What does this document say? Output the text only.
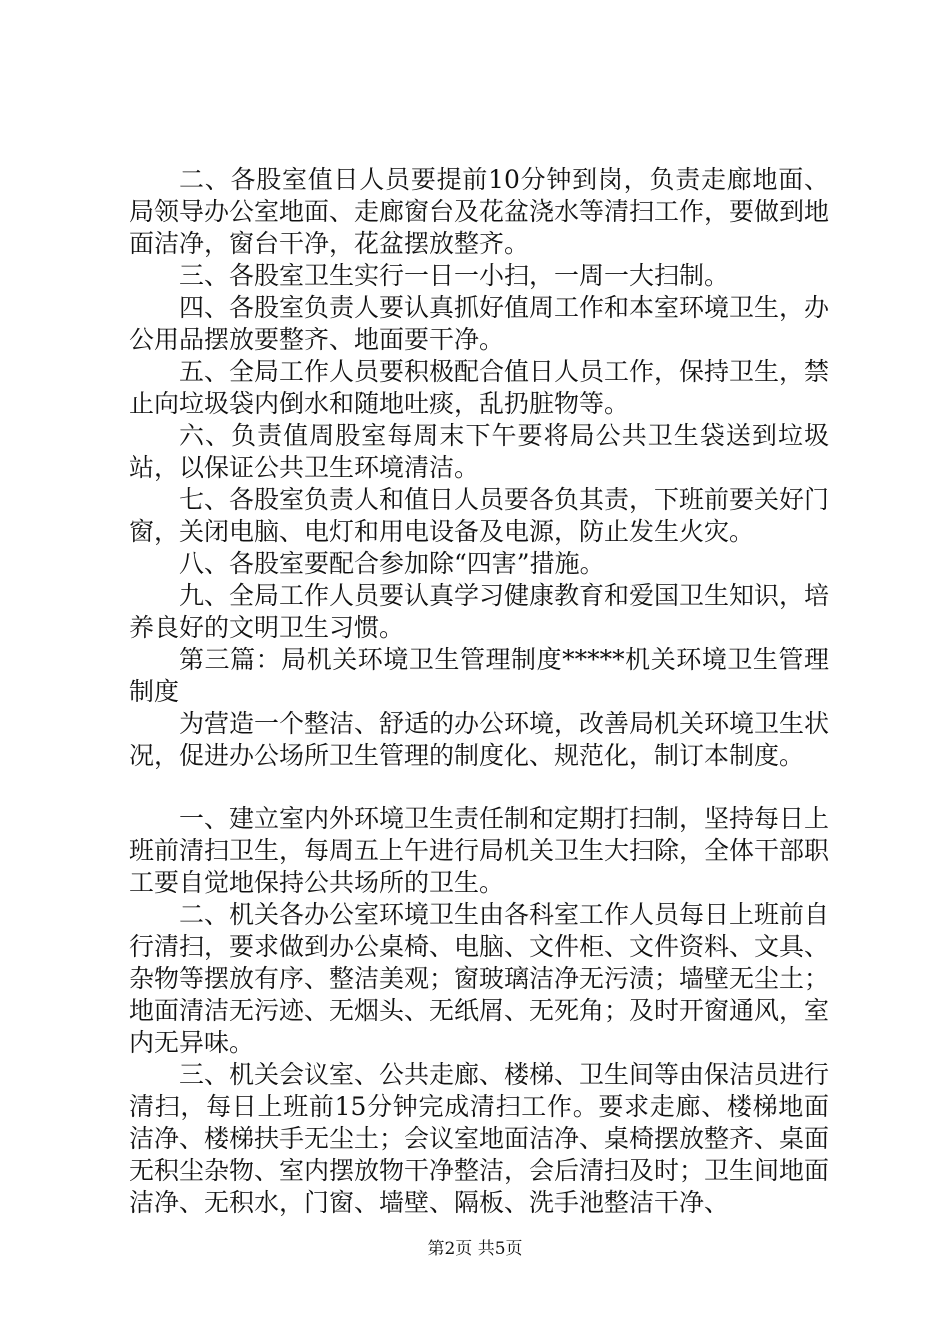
二、各股室值日人员要提前10分钟到岗，负责走廊地面、局领导办公室地面、走廊窗台及花盆浇水等清扫工作，要做到地面洁净，窗台干净，花盆摆放整齐。

三、各股室卫生实行一日一小扫，一周一大扫制。

四、各股室负责人要认真抓好值周工作和本室环境卫生，办公用品摆放要整齐、地面要干净。

五、全局工作人员要积极配合值日人员工作，保持卫生，禁止向垃圾袋内倒水和随地吐痰，乱扔脏物等。

六、负责值周股室每周末下午要将局公共卫生袋送到垃圾站，以保证公共卫生环境清洁。

七、各股室负责人和值日人员要各负其责，下班前要关好门窗，关闭电脑、电灯和用电设备及电源，防止发生火灾。

八、各股室要配合参加除“四害”措施。

九、全局工作人员要认真学习健康教育和爱国卫生知识，培养良好的文明卫生习惯。

第三篇：局机关环境卫生管理制度*****机关环境卫生管理制度

为营造一个整洁、舒适的办公环境，改善局机关环境卫生状况，促进办公场所卫生管理的制度化、规范化，制订本制度。

一、建立室内外环境卫生责任制和定期打扫制，坚持每日上班前清扫卫生，每周五上午进行局机关卫生大扫除，全体干部职工要自觉地保持公共场所的卫生。

二、机关各办公室环境卫生由各科室工作人员每日上班前自行清扫，要求做到办公桌椅、电脑、文件柜、文件资料、文具、杂物等摆放有序、整洁美观；窗玻璃洁净无污渍；墙壁无尘土；地面清洁无污迹、无烟头、无纸屑、无死角；及时开窗通风，室内无异味。

三、机关会议室、公共走廊、楼梯、卫生间等由保洁员进行清扫，每日上班前15分钟完成清扫工作。要求走廊、楼梯地面洁净、楼梯扶手无尘土；会议室地面洁净、桌椅摆放整齐、桌面无积尘杂物、室内摆放物干净整洁，会后清扫及时；卫生间地面洁净、无积水，门窗、墙壁、隔板、洗手池整洁干净、

第2页 共5页
